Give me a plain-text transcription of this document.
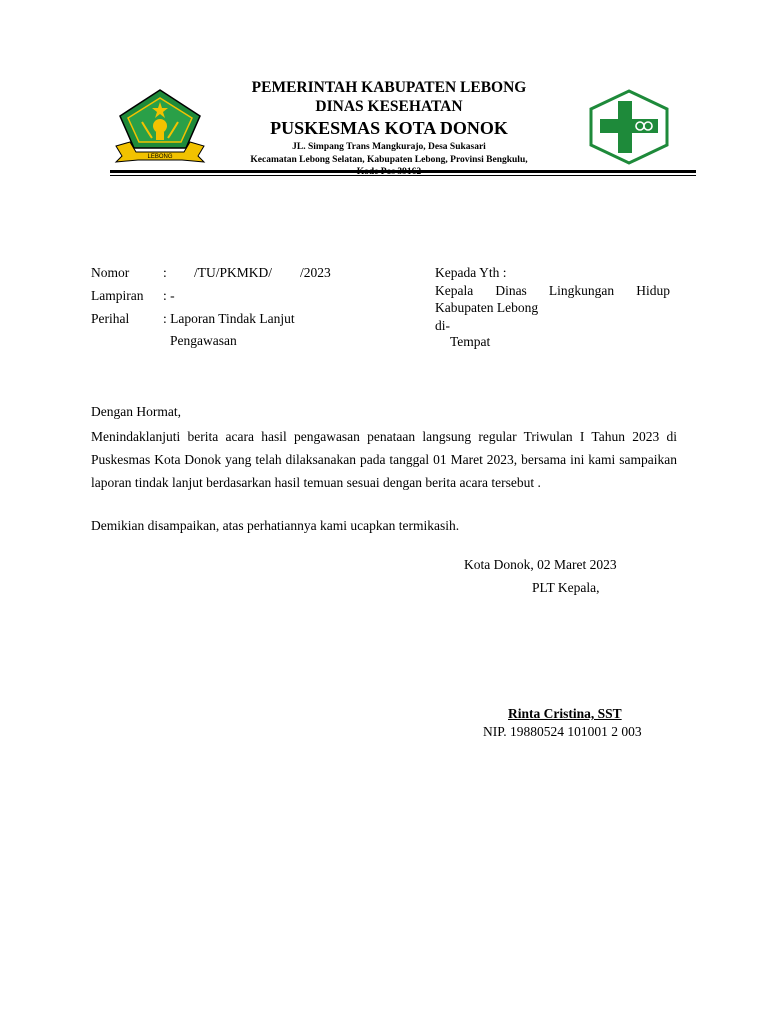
LEBONG
PEMERINTAH KABUPATEN LEBONG
DINAS KESEHATAN
PUSKESMAS KOTA DONOK
JL. Simpang Trans Mangkurajo, Desa Sukasari
Kecamatan Lebong Selatan, Kabupaten Lebong, Provinsi Bengkulu,
Nomor	: /TU/PKMKD/ /2023
Lampiran : -
Perihal	: Laporan Tindak Lanjut
Pengawasan
Kepada Yth :
Kepala Dinas Lingkungan Hidup
Kabupaten Lebong
di-
Tempat
Dengan Hormat,
Menindaklanjuti berita acara hasil pengawasan penataan langsung regular Triwulan I Tahun 2023 di Puskesmas Kota Donok yang telah dilaksanakan pada tanggal 01 Maret 2023, bersama ini kami sampaikan laporan tindak lanjut berdasarkan hasil temuan sesuai dengan berita acara tersebut .
Demikian disampaikan, atas perhatiannya kami ucapkan termikasih.
Kota Donok, 02 Maret 2023
PLT Kepala,
Rinta Cristina, SST
NIP. 19880524 101001 2 003
